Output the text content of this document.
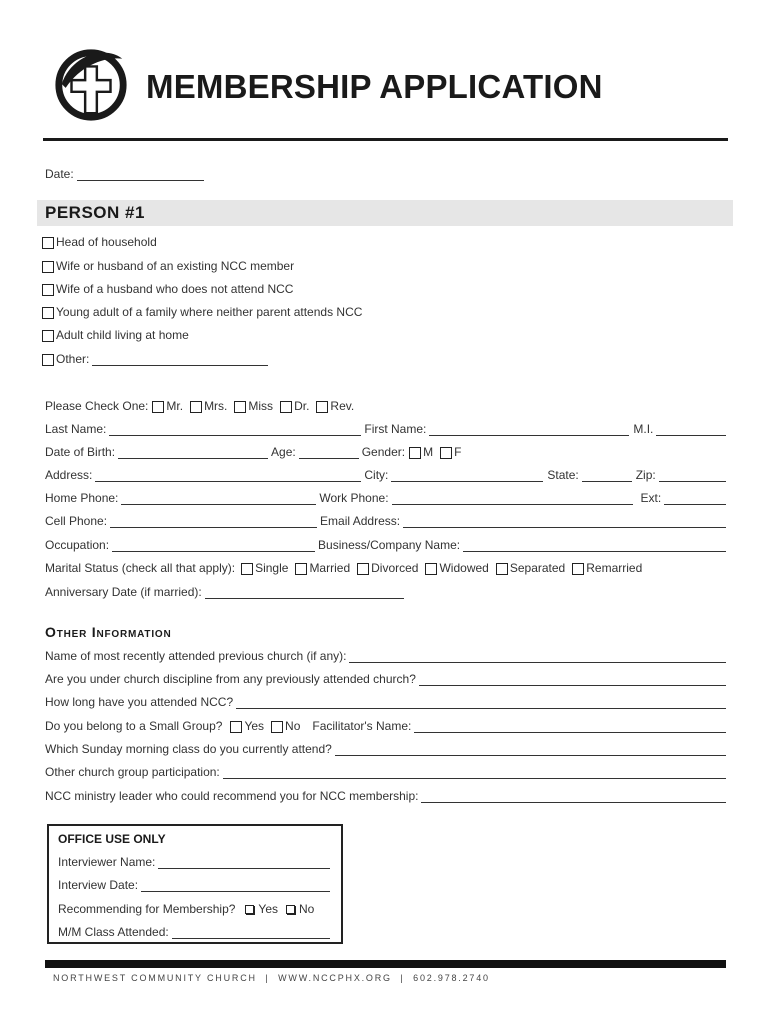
MEMBERSHIP APPLICATION
Date:
PERSON #1
Head of household
Wife or husband of an existing NCC member
Wife of a husband who does not attend NCC
Young adult of a family where neither parent attends NCC
Adult child living at home
Other:
Please Check One: Mr. Mrs. Miss Dr. Rev.
Last Name:	First Name:	M.I.
Date of Birth:	Age:	Gender: M F
Address:	City:	State:	Zip:
Home Phone:	Work Phone:	Ext:
Cell Phone:	Email Address:
Occupation:	Business/Company Name:
Marital Status (check all that apply): Single Married Divorced Widowed Separated Remarried
Anniversary Date (if married):
Other Information
Name of most recently attended previous church (if any):
Are you under church discipline from any previously attended church?
How long have you attended NCC?
Do you belong to a Small Group? Yes No Facilitator's Name:
Which Sunday morning class do you currently attend?
Other church group participation:
NCC ministry leader who could recommend you for NCC membership:
OFFICE USE ONLY
Interviewer Name:
Interview Date:
Recommending for Membership? Yes No
M/M Class Attended:
NORTHWEST COMMUNITY CHURCH  |  WWW.NCCPHX.ORG  |  602.978.2740
